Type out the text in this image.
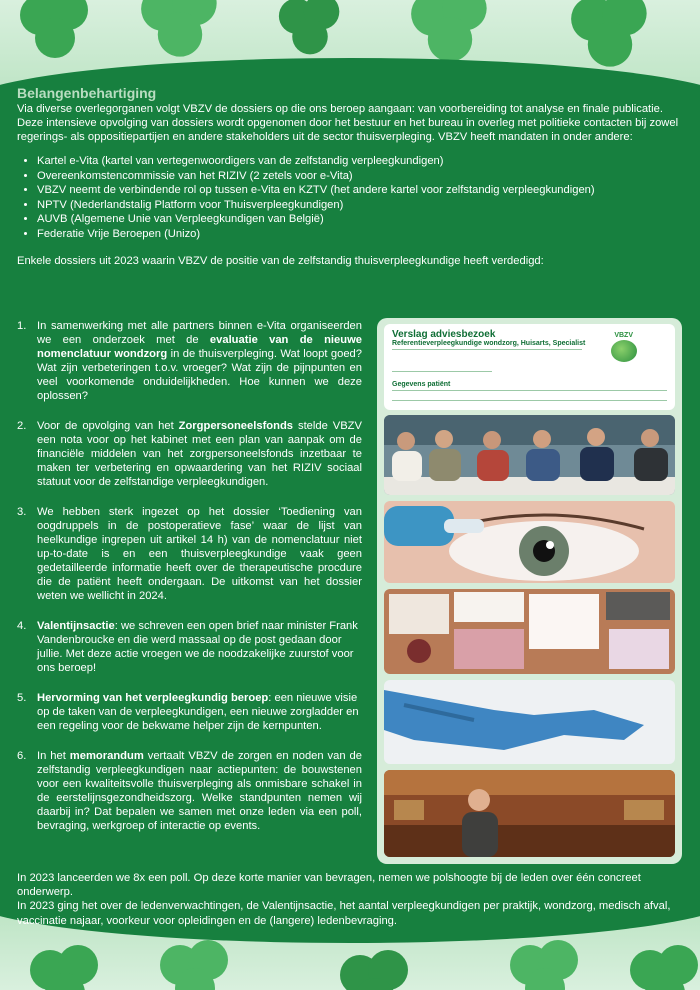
Belangenbehartiging

Via diverse overlegorganen volgt VBZV de dossiers op die ons beroep aangaan: van voorbereiding tot analyse en finale publicatie. Deze intensieve opvolging van dossiers wordt opgenomen door het bestuur en het bureau in overleg met politieke contacten bij zowel regerings- als oppositiepartijen en andere stakeholders uit de sector thuisverpleging. VBZV heeft mandaten in onder andere:

• Kartel e-Vita (kartel van vertegenwoordigers van de zelfstandig verpleegkundigen)
• Overeenkomstencommissie van het RIZIV (2 zetels voor e-Vita)
• VBZV neemt de verbindende rol op tussen e-Vita en KZTV (het andere kartel voor zelfstandig verpleegkundigen)
• NPTV (Nederlandstalig Platform voor Thuisverpleegkundigen)
• AUVB (Algemene Unie van Verpleegkundigen van België)
• Federatie Vrije Beroepen (Unizo)

Enkele dossiers uit 2023 waarin VBZV de positie van de zelfstandig thuisverpleegkundige heeft verdedigd:

1. In samenwerking met alle partners binnen e-Vita organiseerden we een onderzoek met de evaluatie van de nieuwe nomenclatuur wondzorg in de thuisverpleging. Wat loopt goed? Wat zijn verbeteringen t.o.v. vroeger? Wat zijn de pijnpunten en veel voorkomende onduidelijkheden. Hoe kunnen we deze oplossen?
2. Voor de opvolging van het Zorgpersoneelsfonds stelde VBZV een nota voor op het kabinet met een plan van aanpak om de financiële middelen van het zorgpersoneelsfonds inzetbaar te maken ter verbetering en opwaardering van het RIZIV sociaal statuut voor de zelfstandige verpleegkundigen.
3. We hebben sterk ingezet op het dossier ‘Toediening van oogdruppels in de postoperatieve fase’ waar de lijst van heelkundige ingrepen uit artikel 14 h) van de nomenclatuur niet up-to-date is en een thuisverpleegkundige vaak geen gedetailleerde informatie heeft over de therapeutische procdure die de patiënt heeft ondergaan. De uitkomst van het dossier weten we wellicht in 2024.
4. Valentijnsactie: we schreven een open brief naar minister Frank Vandenbroucke en die werd massaal op de post gedaan door jullie. Met deze actie vroegen we de noodzakelijke zuurstof voor ons beroep!
5. Hervorming van het verpleegkundig beroep: een nieuwe visie op de taken van de verpleegkundigen, een nieuwe zorgladder en een regeling voor de bekwame helper zijn de kernpunten.
6. In het memorandum vertaalt VBZV de zorgen en noden van de zelfstandig verpleegkundigen naar actiepunten: de bouwstenen voor een kwaliteitsvolle thuisverpleging als onmisbare schakel in de eerstelijnsgezondheidszorg. Welke standpunten nemen wij daarbij in? Dat bepalen we samen met onze leden via een poll, bevraging, werkgroep of interactie op events.
Verslag adviesbezoek
Referentieverpleegkundige wondzorg, Huisarts, Specialist
VBZV
Gegevens patiënt

In 2023 lanceerden we 8x een poll. Op deze korte manier van bevragen, nemen we polshoogte bij de leden over één concreet onderwerp.

In 2023 ging het over de ledenverwachtingen, de Valentijnsactie, het aantal verpleegkundigen per praktijk, wondzorg, medisch afval, vaccinatie najaar, voorkeur voor opleidingen en de (langere) ledenbevraging.
